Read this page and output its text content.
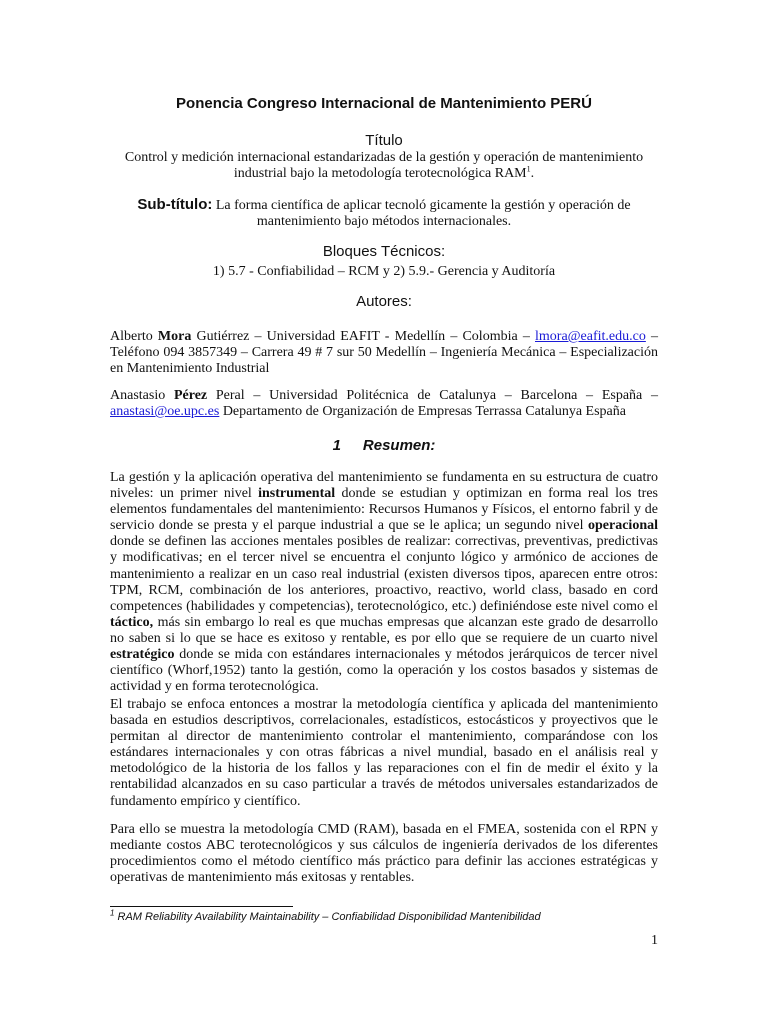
Ponencia Congreso Internacional de Mantenimiento PERÚ
Título
Control y medición internacional estandarizadas de la gestión y operación de mantenimiento industrial bajo la metodología terotecnológica RAM$^1$.
Sub-título: La forma científica de aplicar tecnoló gicamente la gestión y operación de mantenimiento bajo métodos internacionales.
Bloques Técnicos:
1) 5.7 - Confiabilidad – RCM y 2) 5.9.- Gerencia y Auditoría
Autores:
Alberto Mora Gutiérrez – Universidad EAFIT - Medellín – Colombia – lmora@eafit.edu.co – Teléfono 094 3857349 – Carrera 49 # 7 sur 50 Medellín – Ingeniería Mecánica – Especialización en Mantenimiento Industrial
Anastasio Pérez Peral – Universidad Politécnica de Catalunya – Barcelona – España – anastasi@oe.upc.es Departamento de Organización de Empresas Terrassa Catalunya España
1 Resumen:
La gestión y la aplicación operativa del mantenimiento se fundamenta en su estructura de cuatro niveles: un primer nivel instrumental donde se estudian y optimizan en forma real los tres elementos fundamentales del mantenimiento: Recursos Humanos y Físicos, el entorno fabril y de servicio donde se presta y el parque industrial a que se le aplica; un segundo nivel operacional donde se definen las acciones mentales posibles de realizar: correctivas, preventivas, predictivas y modificativas; en el tercer nivel se encuentra el conjunto lógico y armónico de acciones de mantenimiento a realizar en un caso real industrial (existen diversos tipos, aparecen entre otros: TPM, RCM, combinación de los anteriores, proactivo, reactivo, world class, basado en cord competences (habilidades y competencias), terotecnológico, etc.) definiéndose este nivel como el táctico, más sin embargo lo real es que muchas empresas que alcanzan este grado de desarrollo no saben si lo que se hace es exitoso y rentable, es por ello que se requiere de un cuarto nivel estratégico donde se mida con estándares internacionales y métodos jerárquicos de tercer nivel científico (Whorf,1952) tanto la gestión, como la operación y los costos basados y sistemas de actividad y en forma terotecnológica.
El trabajo se enfoca entonces a mostrar la metodología científica y aplicada del mantenimiento basada en estudios descriptivos, correlacionales, estadísticos, estocásticos y proyectivos que le permitan al director de mantenimiento controlar el mantenimiento, comparándose con los estándares internacionales y con otras fábricas a nivel mundial, basado en el análisis real y metodológico de la historia de los fallos y las reparaciones con el fin de medir el éxito y la rentabilidad alcanzados en su caso particular a través de métodos universales estandarizados de fundamento empírico y científico.
Para ello se muestra la metodología CMD (RAM), basada en el FMEA, sostenida con el RPN y mediante costos ABC terotecnológicos y sus cálculos de ingeniería derivados de los diferentes procedimientos como el método científico más práctico para definir las acciones estratégicas y operativas de mantenimiento más exitosas y rentables.
$^1$ RAM Reliability Availability Maintainability – Confiabilidad Disponibilidad Mantenibilidad
1
